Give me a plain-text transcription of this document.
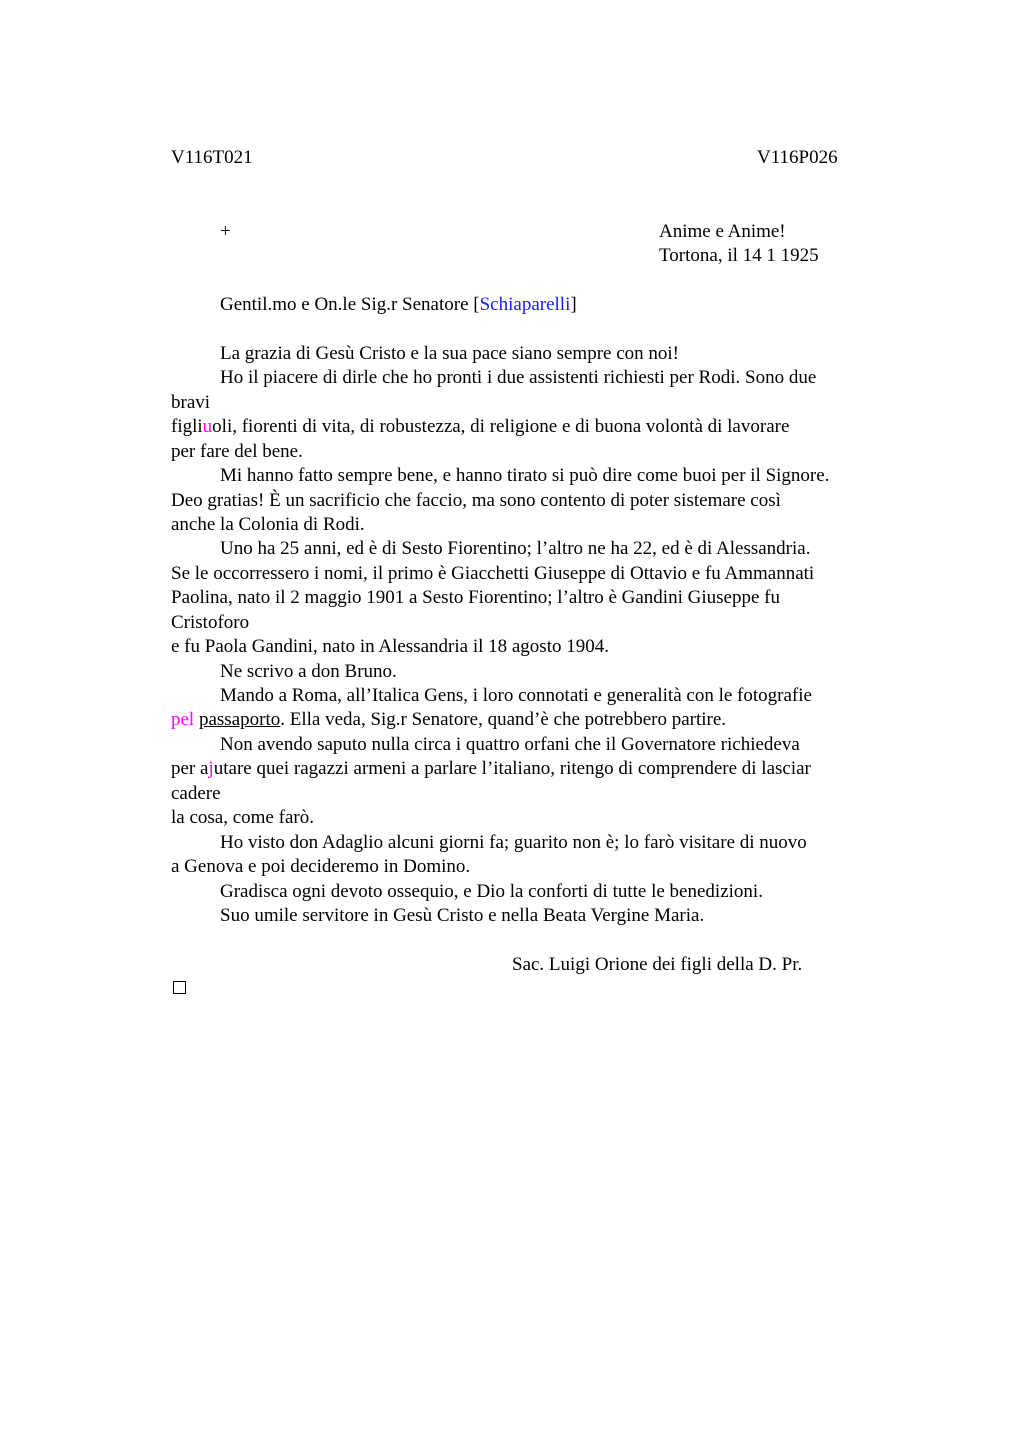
V116T021	V116P026
+	Anime e Anime!
Tortona, il 14 1 1925
Gentil.mo e On.le Sig.r Senatore [Schiaparelli]
La grazia di Gesù Cristo e la sua pace siano sempre con noi!
Ho il piacere di dirle che ho pronti i due assistenti richiesti per Rodi. Sono due
bravi
figliuoli, fiorenti di vita, di robustezza, di religione e di buona volontà di lavorare
per fare del bene.
Mi hanno fatto sempre bene, e hanno tirato si può dire come buoi per il Signore.
Deo gratias! È un sacrificio che faccio, ma sono contento di poter sistemare così
anche la Colonia di Rodi.
Uno ha 25 anni, ed è di Sesto Fiorentino; l’altro ne ha 22, ed è di Alessandria.
Se le occorressero i nomi, il primo è Giacchetti Giuseppe di Ottavio e fu Ammannati
Paolina, nato il 2 maggio 1901 a Sesto Fiorentino; l’altro è Gandini Giuseppe fu
Cristoforo
e fu Paola Gandini, nato in Alessandria il 18 agosto 1904.
Ne scrivo a don Bruno.
Mando a Roma, all’Italica Gens, i loro connotati e generalità con le fotografie
pel passaporto. Ella veda, Sig.r Senatore, quand’è che potrebbero partire.
Non avendo saputo nulla circa i quattro orfani che il Governatore richiedeva
per ajutare quei ragazzi armeni a parlare l’italiano, ritengo di comprendere di lasciar
cadere
la cosa, come farò.
Ho visto don Adaglio alcuni giorni fa; guarito non è; lo farò visitare di nuovo
a Genova e poi decideremo in Domino.
Gradisca ogni devoto ossequio, e Dio la conforti di tutte le benedizioni.
Suo umile servitore in Gesù Cristo e nella Beata Vergine Maria.
Sac. Luigi Orione dei figli della D. Pr.
